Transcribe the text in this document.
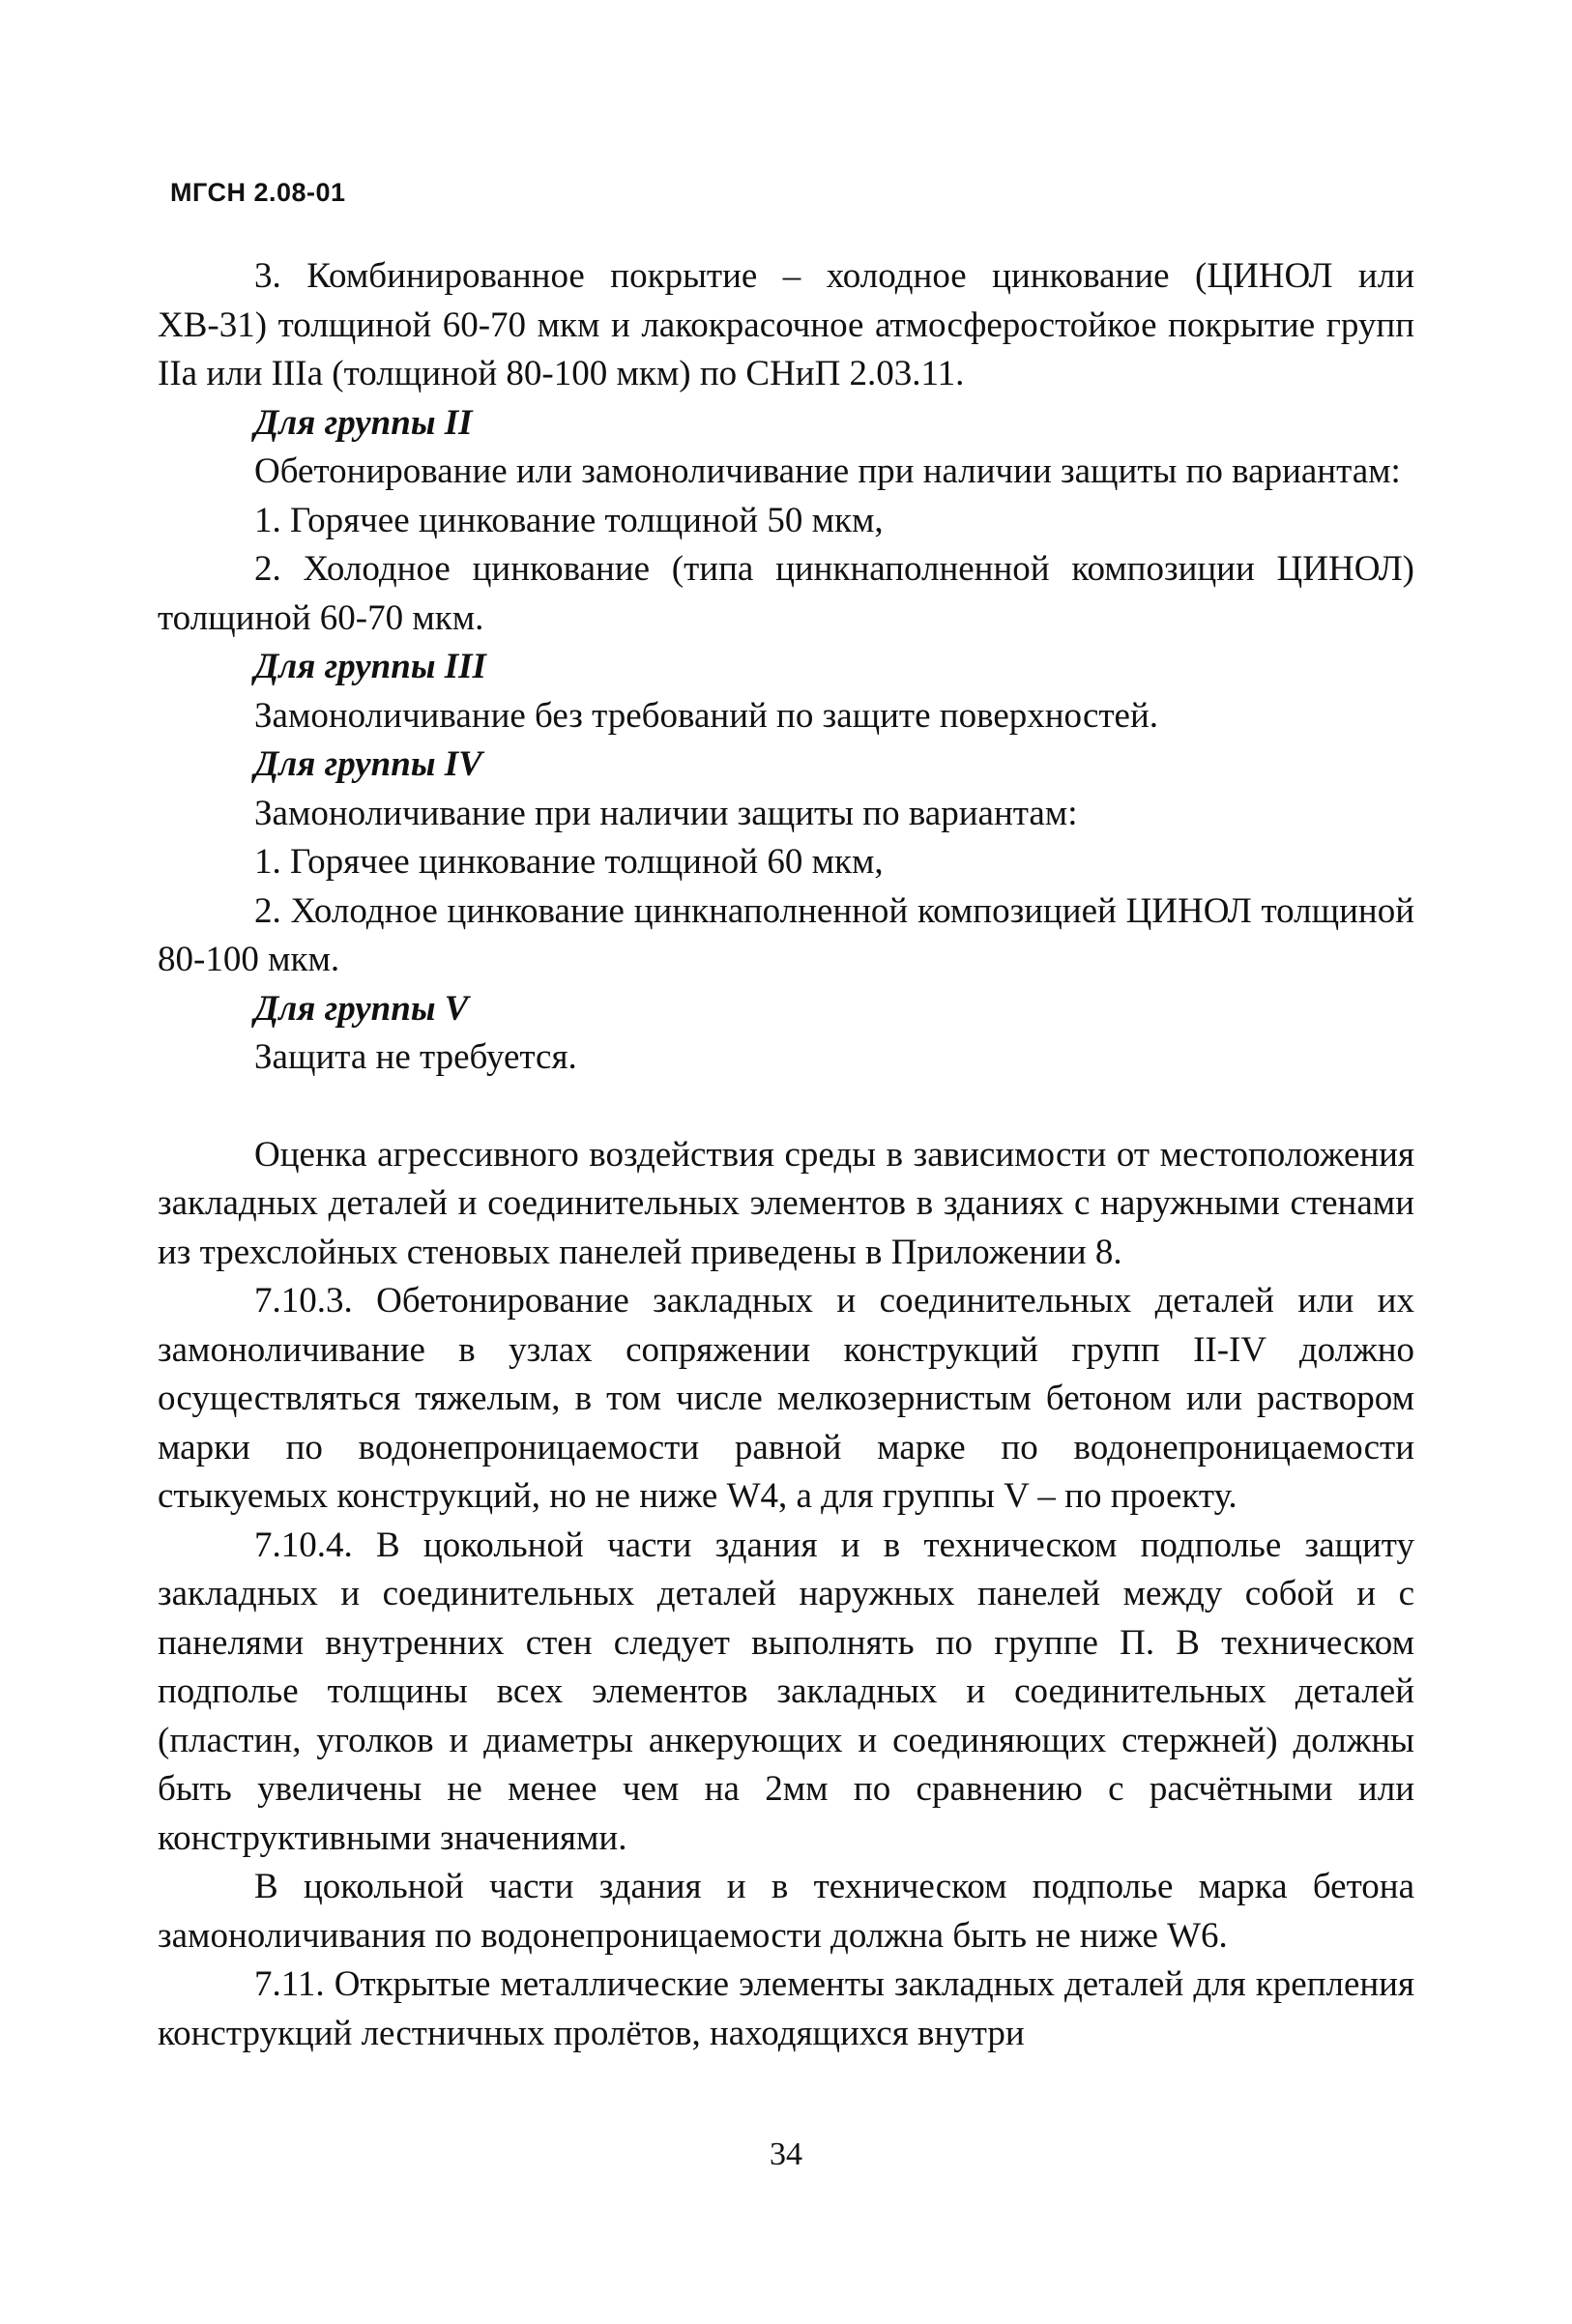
МГСН 2.08-01

3. Комбинированное покрытие – холодное цинкование (ЦИНОЛ или ХВ-31) толщиной 60-70 мкм и лакокрасочное атмосферостойкое покрытие групп IIа или IIIа (толщиной 80-100 мкм) по СНиП 2.03.11.

Для группы II

Обетонирование или замоноличивание при наличии защиты по вариантам:

1. Горячее цинкование толщиной 50 мкм,

2. Холодное цинкование (типа цинкнаполненной композиции ЦИНОЛ) толщиной 60-70 мкм.

Для группы III

Замоноличивание без требований по защите поверхностей.

Для группы IV

Замоноличивание при наличии защиты по вариантам:

1. Горячее цинкование толщиной 60 мкм,

2. Холодное цинкование цинкнаполненной композицией ЦИНОЛ толщиной 80-100 мкм.

Для группы V

Защита не требуется.

Оценка агрессивного воздействия среды в зависимости от местоположения закладных деталей и соединительных элементов в зданиях с наружными стенами из трехслойных стеновых панелей приведены в Приложении 8.

7.10.3. Обетонирование закладных и соединительных деталей или их замоноличивание в узлах сопряжении конструкций групп II-IV должно осуществляться тяжелым, в том числе мелкозернистым бетоном или раствором марки по водонепроницаемости равной марке по водонепроницаемости стыкуемых конструкций, но не ниже W4, а для группы V – по проекту.

7.10.4. В цокольной части здания и в техническом подполье защиту закладных и соединительных деталей наружных панелей между собой и с панелями внутренних стен следует выполнять по группе П. В техническом подполье толщины всех элементов закладных и соединительных деталей (пластин, уголков и диаметры анкерующих и соединяющих стержней) должны быть увеличены не менее чем на 2мм по сравнению с расчётными или конструктивными значениями.

В цокольной части здания и в техническом подполье марка бетона замоноличивания по водонепроницаемости должна быть не ниже W6.

7.11. Открытые металлические элементы закладных деталей для крепления конструкций лестничных пролётов, находящихся внутри

34
